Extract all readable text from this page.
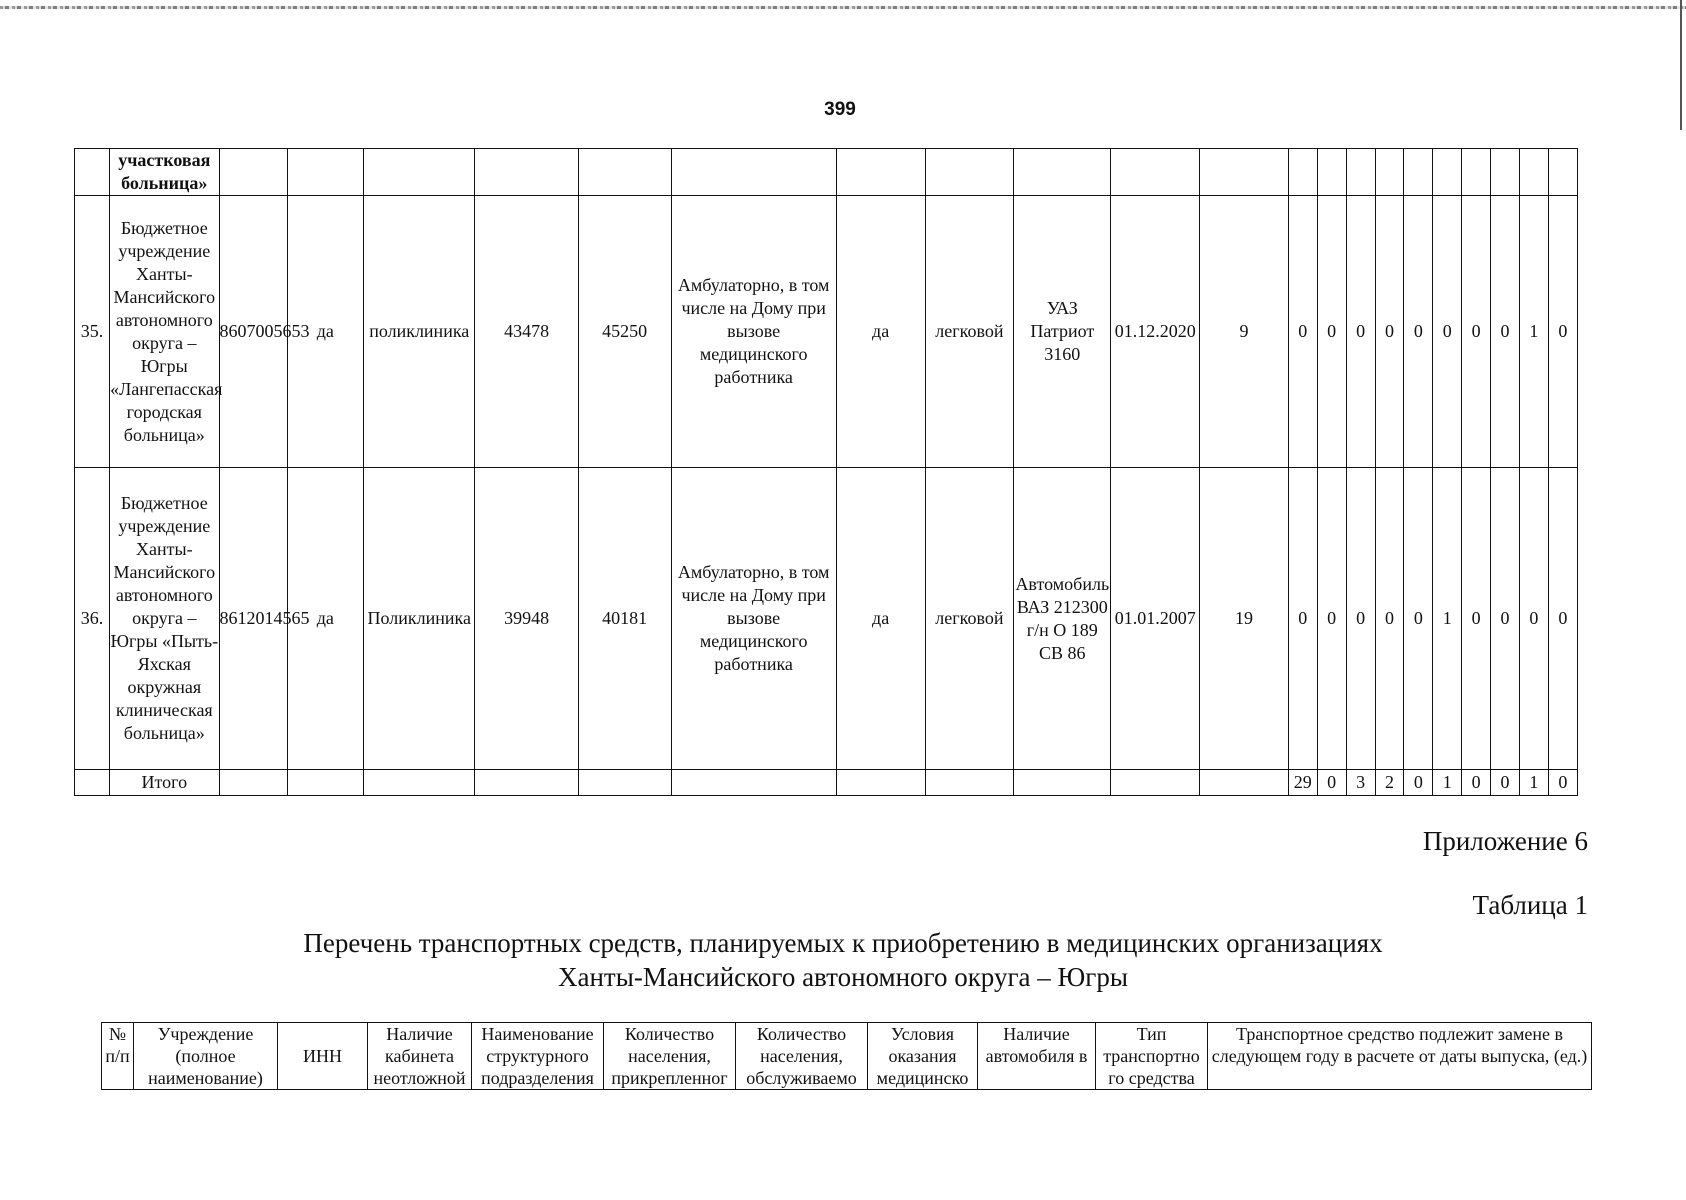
399
	участковая больница»																					
35.	Бюджетное учреждение Ханты-Мансийского автономного округа – Югры «Лангепасская городская больница»	8607005653	да	поликлиника	43478	45250	Амбулаторно, в том числе на Дому при вызове медицинского работника	да	легковой	УАЗ Патриот 3160	01.12.2020	9	0	0	0	0	0	0	0	0	1	0
36.	Бюджетное учреждение Ханты-Мансийского автономного округа – Югры «Пыть-Яхская окружная клиническая больница»	8612014565	да	Поликлиника	39948	40181	Амбулаторно, в том числе на Дому при вызове медицинского работника	да	легковой	Автомобиль ВАЗ 212300 г/н О 189 СВ 86	01.01.2007	19	0	0	0	0	0	1	0	0	0	0
	Итого												29	0	3	2	0	1	0	0	1	0
Приложение 6
Таблица 1
Перечень транспортных средств, планируемых к приобретению в медицинских организациях
Ханты-Мансийского автономного округа – Югры
№ п/п	Учреждение (полное наименование)	ИНН	Наличие кабинета неотложной	Наименование структурного подразделения	Количество населения, прикрепленног	Количество населения, обслуживаемо	Условия оказания медицинско	Наличие автомобиля в	Тип транспортно го средства	Транспортное средство подлежит замене в следующем году в расчете от даты выпуска, (ед.)
